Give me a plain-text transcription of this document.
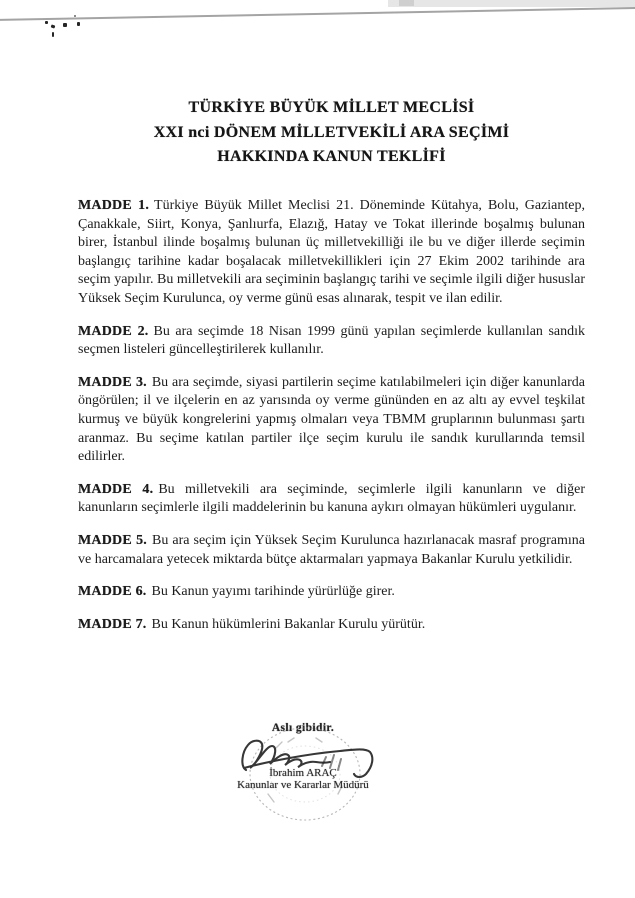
TÜRKİYE BÜYÜK MİLLET MECLİSİ
XXI nci DÖNEM MİLLETVEKİLİ ARA SEÇİMİ
HAKKINDA KANUN TEKLİFİ

MADDE 1. Türkiye Büyük Millet Meclisi 21. Döneminde Kütahya, Bolu, Gaziantep, Çanakkale, Siirt, Konya, Şanlıurfa, Elazığ, Hatay ve Tokat illerinde boşalmış bulunan birer, İstanbul ilinde boşalmış bulunan üç milletvekilliği ile bu ve diğer illerde seçimin başlangıç tarihine kadar boşalacak milletvekillikleri için 27 Ekim 2002 tarihinde ara seçim yapılır. Bu milletvekili ara seçiminin başlangıç tarihi ve seçimle ilgili diğer hususlar Yüksek Seçim Kurulunca, oy verme günü esas alınarak, tespit ve ilan edilir.

MADDE 2. Bu ara seçimde 18 Nisan 1999 günü yapılan seçimlerde kullanılan sandık seçmen listeleri güncelleştirilerek kullanılır.

MADDE 3. Bu ara seçimde, siyasi partilerin seçime katılabilmeleri için diğer kanunlarda öngörülen; il ve ilçelerin en az yarısında oy verme gününden en az altı ay evvel teşkilat kurmuş ve büyük kongrelerini yapmış olmaları veya TBMM gruplarının bulunması şartı aranmaz. Bu seçime katılan partiler ilçe seçim kurulu ile sandık kurullarında temsil edilirler.

MADDE 4. Bu milletvekili ara seçiminde, seçimlerle ilgili kanunların ve diğer kanunların seçimlerle ilgili maddelerinin bu kanuna aykırı olmayan hükümleri uygulanır.

MADDE 5. Bu ara seçim için Yüksek Seçim Kurulunca hazırlanacak masraf programına ve harcamalara yetecek miktarda bütçe aktarmaları yapmaya Bakanlar Kurulu yetkilidir.

MADDE 6. Bu Kanun yayımı tarihinde yürürlüğe girer.

MADDE 7. Bu Kanun hükümlerini Bakanlar Kurulu yürütür.

Aslı gibidir.
İbrahim ARAÇ
Kanunlar ve Kararlar Müdürü
